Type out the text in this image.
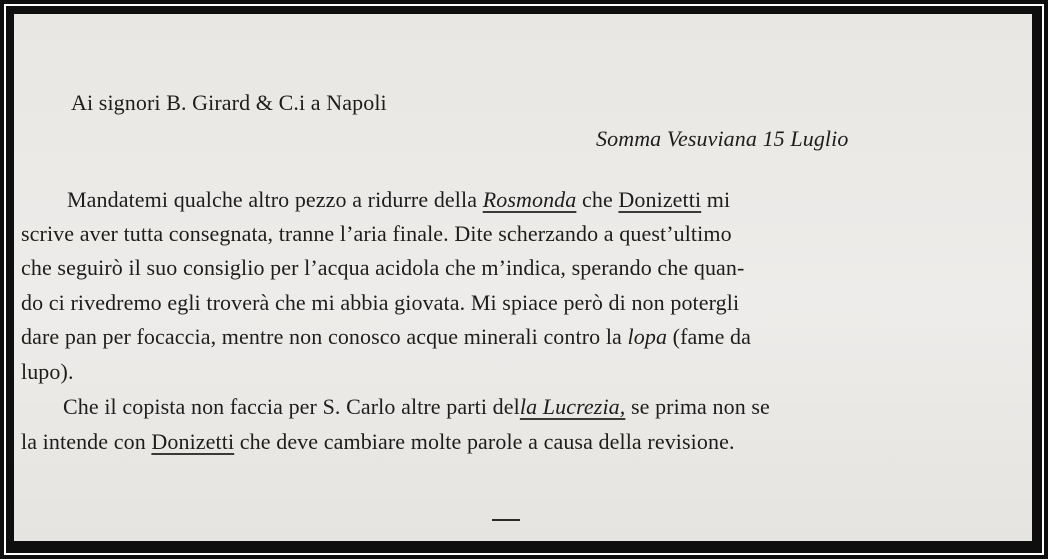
Ai signori B. Girard & C.i a Napoli
Somma Vesuviana 15 Luglio
Mandatemi qualche altro pezzo a ridurre della Rosmonda che Donizetti mi
scrive aver tutta consegnata, tranne l’aria finale. Dite scherzando a quest’ultimo
che seguirò il suo consiglio per l’acqua acidola che m’indica, sperando che quan-
do ci rivedremo egli troverà che mi abbia giovata. Mi spiace però di non potergli
dare pan per focaccia, mentre non conosco acque minerali contro la lopa (fame da
lupo).
Che il copista non faccia per S. Carlo altre parti della Lucrezia, se prima non se
la intende con Donizetti che deve cambiare molte parole a causa della revisione.
